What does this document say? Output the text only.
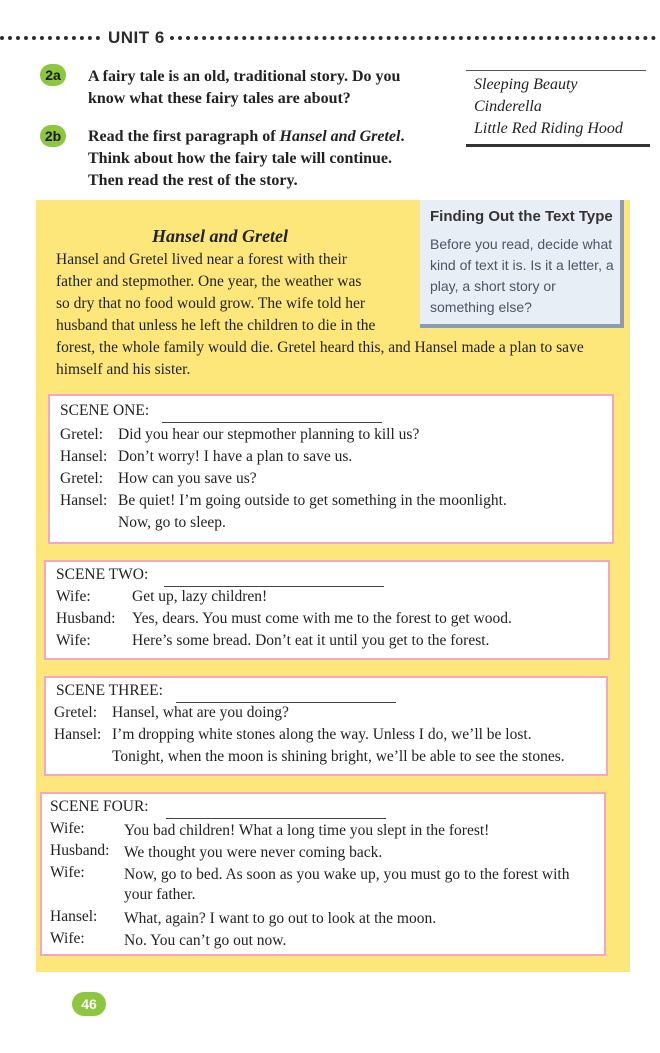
UNIT 6
2a	A fairy tale is an old, traditional story. Do you
know what these fairy tales are about?
Sleeping Beauty
Cinderella
Little Red Riding Hood
2b	Read the first paragraph of Hansel and Gretel.
Think about how the fairy tale will continue.
Then read the rest of the story.
Hansel and Gretel
Hansel and Gretel lived near a forest with their
father and stepmother. One year, the weather was
so dry that no food would grow. The wife told her
husband that unless he left the children to die in the
forest, the whole family would die. Gretel heard this, and Hansel made a plan to save
himself and his sister.
Finding Out the Text Type
Before you read, decide what kind of text it is. Is it a letter, a play, a short story or something else?
SCENE ONE:
Gretel: Did you hear our stepmother planning to kill us?
Hansel: Don’t worry! I have a plan to save us.
Gretel: How can you save us?
Hansel: Be quiet! I’m going outside to get something in the moonlight.
Now, go to sleep.
SCENE TWO:
Wife:	Get up, lazy children!
Husband: Yes, dears. You must come with me to the forest to get wood.
Wife:	Here’s some bread. Don’t eat it until you get to the forest.
SCENE THREE:
Gretel: Hansel, what are you doing?
Hansel: I’m dropping white stones along the way. Unless I do, we’ll be lost.
Tonight, when the moon is shining bright, we’ll be able to see the stones.
SCENE FOUR:
Wife:	You bad children! What a long time you slept in the forest!
Husband: We thought you were never coming back.
Wife:	Now, go to bed. As soon as you wake up, you must go to the forest with
your father.
Hansel: What, again? I want to go out to look at the moon.
Wife:	No. You can’t go out now.
46
